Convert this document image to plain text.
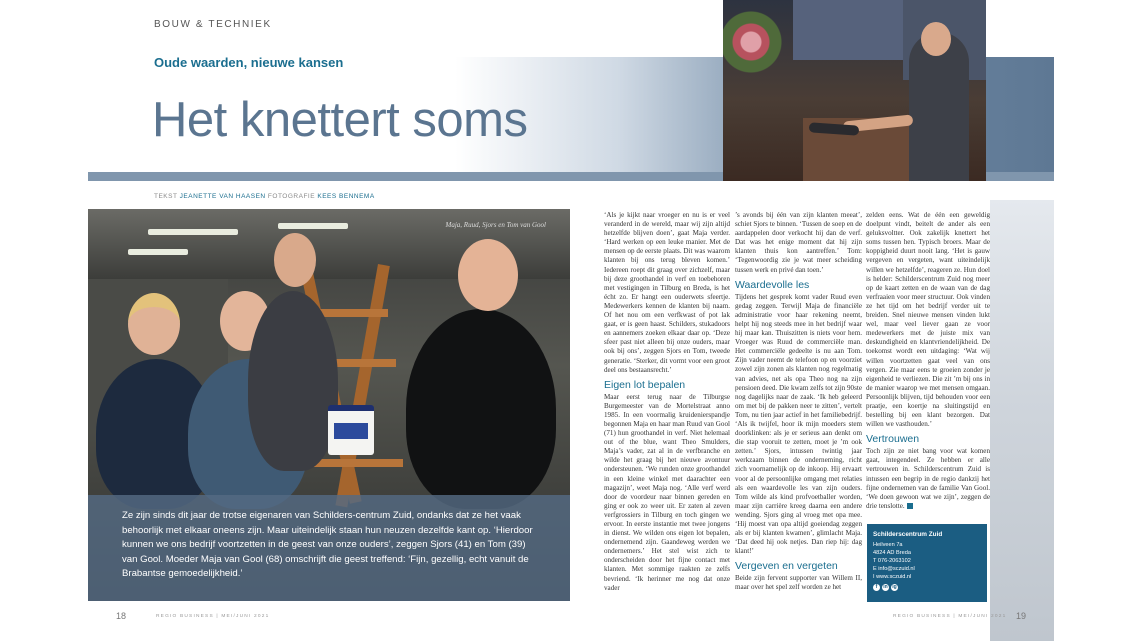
BOUW & TECHNIEK
Oude waarden, nieuwe kansen
Het knettert soms
TEKST JEANETTE VAN HAASEN FOTOGRAFIE KEES BENNEMA
Maja, Ruud, Sjors en Tom van Gool

Ze zijn sinds dit jaar de trotse eigenaren van Schilders-centrum Zuid, ondanks dat ze het vaak behoorlijk met elkaar oneens zijn. Maar uiteindelijk staan hun neuzen dezelfde kant op. ‘Hierdoor kunnen we ons bedrijf voortzetten in de geest van onze ouders’, zeggen Sjors (41) en Tom (39) van Gool. Moeder Maja van Gool (68) omschrijft die geest treffend: ‘Fijn, gezellig, echt vanuit de Brabantse gemoedelijkheid.’

‘Als je kijkt naar vroeger en nu is er veel veranderd in de wereld, maar wij zijn altijd hetzelfde blijven doen’, gaat Maja verder. ‘Hard werken op een leuke manier. Met de mensen op de eerste plaats. Dit was waarom klanten bij ons terug bleven komen.’ Iedereen roept dit graag over zichzelf, maar bij deze groothandel in verf en toebehoren met vestigingen in Tilburg en Breda, is het écht zo. Er hangt een ouderwets sfeertje. Medewerkers kennen de klanten bij naam. Of het nou om een verfkwast of pot lak gaat, er is geen haast. Schilders, stukadoors en aannemers zoeken elkaar daar op. ‘Deze sfeer past niet alleen bij onze ouders, maar ook bij ons’, zeggen Sjors en Tom, tweede generatie. ‘Sterker, dit vormt voor een groot deel ons bestaansrecht.’

Eigen lot bepalen

Maar eerst terug naar de Tilburgse Burgemeester van de Mortelstraat anno 1985. In een voormalig kruidenierspandje begonnen Maja en haar man Ruud van Gool (71) hun groothandel in verf. Niet helemaal out of the blue, want Theo Smulders, Maja’s vader, zat al in de verfbranche en wilde het graag bij het nieuwe avontuur ondersteunen. ‘We runden onze groothandel in een kleine winkel met daarachter een magazijn’, weet Maja nog. ‘Alle verf werd door de voordeur naar binnen gereden en ging er ook zo weer uit. Er zaten al zeven verfgrossiers in Tilburg en toch gingen we ervoor. In eerste instantie met twee jongens in dienst. We wilden ons eigen lot bepalen, ondernemend zijn. Gaandeweg werden we ondernemers.’ Het stel wist zich te onderscheiden door het fijne contact met klanten. Met sommige raakten ze zelfs bevriend. ‘Ik herinner me nog dat onze vader

’s avonds bij één van zijn klanten meeat’, schiet Sjors te binnen. ‘Tussen de soep en de aardappelen door verkocht hij dan de verf. Dat was het enige moment dat hij zijn klanten thuis kon aantreffen.’ Tom: ‘Tegenwoordig zie je wat meer scheiding tussen werk en privé dan toen.’

Waardevolle les

Tijdens het gesprek komt vader Ruud even gedag zeggen. Terwijl Maja de financiële administratie voor haar rekening neemt, helpt hij nog steeds mee in het bedrijf waar hij maar kan. Thuiszitten is niets voor hem. Vroeger was Ruud de commerciële man. Het commerciële gedeelte is nu aan Tom. Zijn vader neemt de telefoon op en voorziet zowel zijn zonen als klanten nog regelmatig van advies, net als opa Theo nog na zijn pensioen deed. Die kwam zelfs tot zijn 90ste nog dagelijks naar de zaak. ‘Ik heb geleerd om met bij de pakken neer te zitten’, vertelt Tom, nu tien jaar actief in het familiebedrijf. ‘Als ik twijfel, hoor ik mijn moeders stem doorklinken: als je er serieus aan denkt om die stap vooruit te zetten, moet je ’m ook zetten.’ Sjors, intussen twintig jaar werkzaam binnen de onderneming, richt zich voornamelijk op de inkoop. Hij ervaart voor al de persoonlijke omgang met relaties als een waardevolle les van zijn ouders. Tom wilde als kind profvoetballer worden, maar zijn carrière kreeg daarna een andere wending. Sjors ging al vroeg met opa mee. ‘Hij moest van opa altijd goeiendag zeggen als er bij klanten kwamen’, glimlacht Maja. ‘Dat deed hij ook netjes. Dan riep hij: dag klant!’

Vergeven en vergeten

Beide zijn fervent supporter van Willem II, maar over het spel zelf worden ze het

zelden eens. Wat de één een geweldig doelpunt vindt, beitelt de ander als een geluksvoltter. Ook zakelijk knettert het soms tussen hen. Typisch broers. Maar de koppigheid duurt nooit lang. ‘Het is gauw vergeven en vergeten, want uiteindelijk willen we hetzelfde’, reageren ze. Hun doel is helder: Schilderscentrum Zuid nog meer op de kaart zetten en de waan van de dag verfraaien voor meer structuur. Ook vinden ze het tijd om het bedrijf verder uit te breiden. Snel nieuwe mensen vinden lukt wel, maar veel liever gaan ze voor medewerkers met de juiste mix van deskundigheid en klantvriendelijkheid. De toekomst wordt een uitdaging: ‘Wat wij willen voortzetten gaat veel van ons vergen. Zie maar eens te groeien zonder je eigenheid te verliezen. Die zit ’m bij ons in de manier waarop we met mensen omgaan. Persoonlijk blijven, tijd behouden voor een praatje, een koertje na sluitingstijd en bestelling bij een klant bezorgen. Dat willen we vasthouden.’

Vertrouwen

Toch zijn ze niet bang voor wat komen gaat, integendeel. Ze hebben er alle vertrouwen in. Schilderscentrum Zuid is intussen een begrip in de regio dankzij het fijne ondernemen van de familie Van Gool. ‘We doen gewoon wat we zijn’, zeggen de drie tenslotte.

Schilderscentrum Zuid
Heilveen 7a
4824 AD Breda
T 076-2063102
E info@sczuid.nl
I www.sczuid.nl
f	in ig
18	REGIO BUSINESS | MEI/JUNI 2021	REGIO BUSINESS | MEI/JUNI 2021 19
